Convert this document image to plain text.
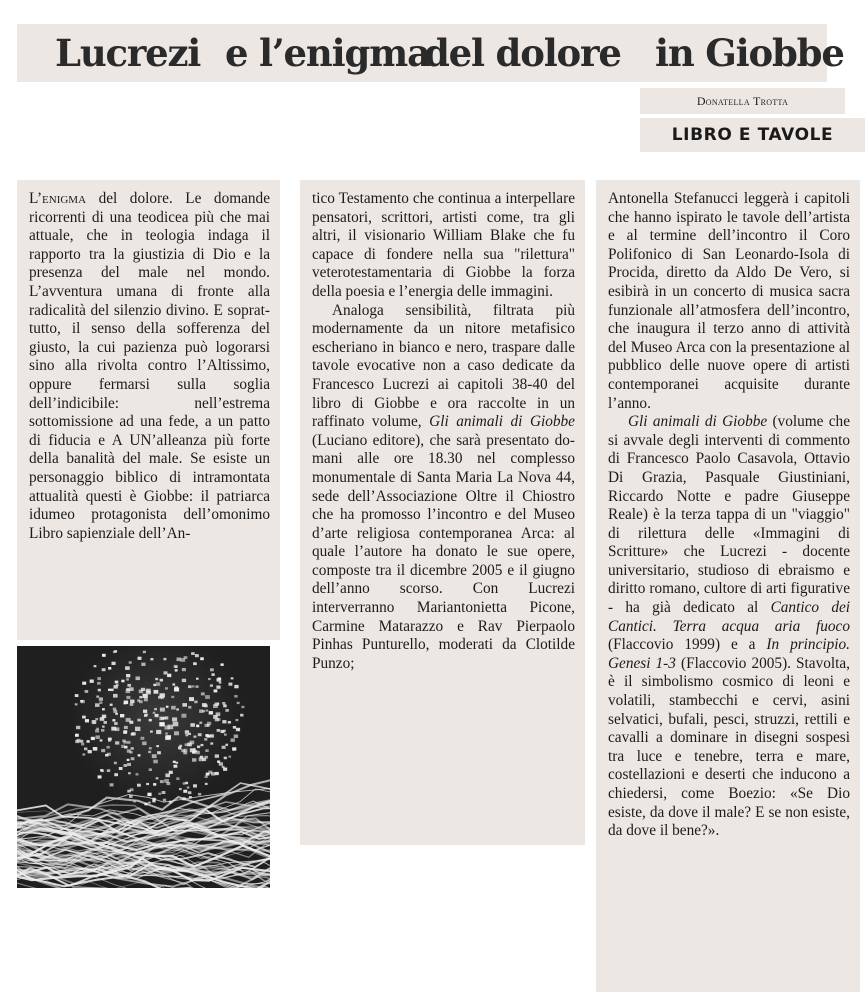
Lucrezi e l’enigma
del dolore in Giobbe
Donatella Trotta
LIBRO E TAVOLE

L’enigma del dolore. Le domande ricorrenti di una teodicea più che mai attuale, che in teologia indaga il rapporto tra la giustizia di Dio e la presenza del male nel mondo. L’avventura umana di fronte alla radicalità del silenzio divino. E soprattutto, il senso della sofferenza del giusto, la cui pazienza può logorarsi sino alla rivolta contro l’Altissimo, oppure fermarsi sulla soglia dell’indicibile: nell’estrema sottomissione ad una fede, a un patto di fiducia e A UN’alleanza più forte della banalità del male. Se esiste un personaggio biblico di intramontata attualità questi è Giobbe: il patriarca idumeo protagonista dell’omonimo Libro sapienziale dell’An-

tico Testamento che continua a interpellare pensatori, scrittori, artisti come, tra gli altri, il visionario William Blake che fu capace di fondere nella sua "rilettura" veterotestamentaria di Giobbe la forza della poesia e l’energia delle immagini.

Analoga sensibilità, filtrata più modernamente da un nitore metafisico escheriano in bianco e nero, traspare dalle tavole evocative non a caso dedicate da Francesco Lucrezi ai capitoli 38-40 del libro di Giobbe e ora raccolte in un raffinato volume, Gli animali di Giobbe (Luciano editore), che sarà presentato domani alle ore 18.30 nel complesso monumentale di Santa Maria La Nova 44, sede dell’Associazione Oltre il Chiostro che ha promosso l’incontro e del Museo d’arte religiosa contemporanea Arca: al quale l’autore ha donato le sue opere, composte tra il dicembre 2005 e il giugno dell’anno scorso. Con Lucrezi interverranno Mariantonietta Picone, Carmine Matarazzo e Rav Pierpaolo Pinhas Punturello, moderati da Clotilde Punzo;

Antonella Stefanucci leggerà i capitoli che hanno ispirato le tavole dell’artista e al termine dell’incontro il Coro Polifonico di San Leonardo-Isola di Procida, diretto da Aldo De Vero, si esibirà in un concerto di musica sacra funzionale all’atmosfera dell’incontro, che inaugura il terzo anno di attività del Museo Arca con la presentazione al pubblico delle nuove opere di artisti contemporanei acquisite durante l’anno.

Gli animali di Giobbe (volume che si avvale degli interventi di commento di Francesco Paolo Casavola, Ottavio Di Grazia, Pasquale Giustiniani, Riccardo Notte e padre Giuseppe Reale) è la terza tappa di un "viaggio" di rilettura delle «Immagini di Scritture» che Lucrezi - docente universitario, studioso di ebraismo e diritto romano, cultore di arti figurative - ha già dedicato al Cantico dei Cantici. Terra acqua aria fuoco (Flaccovio 1999) e a In principio. Genesi 1-3 (Flaccovio 2005). Stavolta, è il simbolismo cosmico di leoni e volatili, stambecchi e cervi, asini selvatici, bufali, pesci, struzzi, rettili e cavalli a dominare in disegni sospesi tra luce e tenebre, terra e mare, costellazioni e deserti che inducono a chiedersi, come Boezio: «Se Dio esiste, da dove il male? E se non esiste, da dove il bene?».
